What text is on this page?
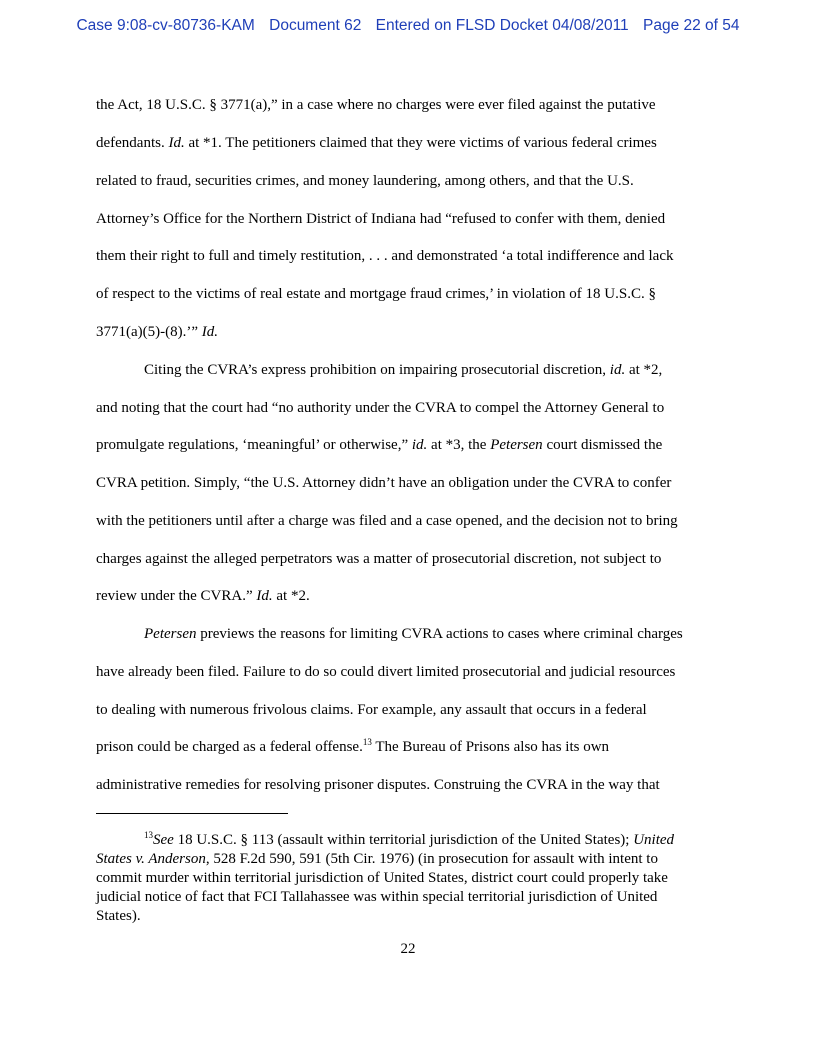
Case 9:08-cv-80736-KAM Document 62 Entered on FLSD Docket 04/08/2011 Page 22 of 54
the Act, 18 U.S.C. § 3771(a),” in a case where no charges were ever filed against the putative
defendants. Id. at *1. The petitioners claimed that they were victims of various federal crimes
related to fraud, securities crimes, and money laundering, among others, and that the U.S.
Attorney’s Office for the Northern District of Indiana had “refused to confer with them, denied
them their right to full and timely restitution, . . . and demonstrated ‘a total indifference and lack
of respect to the victims of real estate and mortgage fraud crimes,’ in violation of 18 U.S.C. §
3771(a)(5)-(8).’” Id.
Citing the CVRA’s express prohibition on impairing prosecutorial discretion, id. at *2,
and noting that the court had “no authority under the CVRA to compel the Attorney General to
promulgate regulations, ‘meaningful’ or otherwise,” id. at *3, the Petersen court dismissed the
CVRA petition. Simply, “the U.S. Attorney didn’t have an obligation under the CVRA to confer
with the petitioners until after a charge was filed and a case opened, and the decision not to bring
charges against the alleged perpetrators was a matter of prosecutorial discretion, not subject to
review under the CVRA.” Id. at *2.
Petersen previews the reasons for limiting CVRA actions to cases where criminal charges
have already been filed. Failure to do so could divert limited prosecutorial and judicial resources
to dealing with numerous frivolous claims. For example, any assault that occurs in a federal
prison could be charged as a federal offense.$^{13}$ The Bureau of Prisons also has its own
administrative remedies for resolving prisoner disputes. Construing the CVRA in the way that
$^{13}$See 18 U.S.C. § 113 (assault within territorial jurisdiction of the United States); United
States v. Anderson, 528 F.2d 590, 591 (5th Cir. 1976) (in prosecution for assault with intent to
commit murder within territorial jurisdiction of United States, district court could properly take
judicial notice of fact that FCI Tallahassee was within special territorial jurisdiction of United
States).
22
